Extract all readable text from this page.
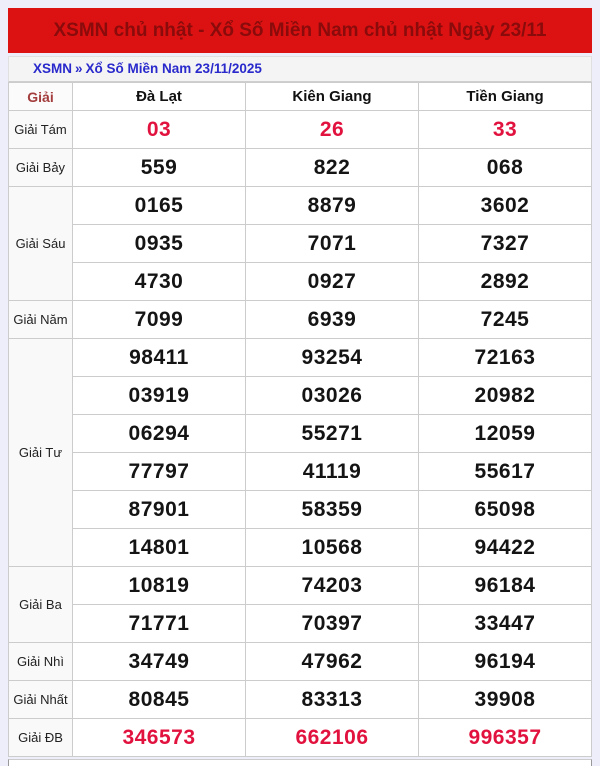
XSMN chủ nhật - Xổ Số Miền Nam chủ nhật Ngày 23/11
XSMN » Xổ Số Miền Nam 23/11/2025
Giải	Đà Lạt	Kiên Giang	Tiền Giang
Giải Tám	03	26	33
Giải Bảy	559	822	068
Giải Sáu	0165	8879	3602
	0935	7071	7327
	4730	0927	2892
Giải Năm	7099	6939	7245
Giải Tư	98411	93254	72163
	03919	03026	20982
	06294	55271	12059
	77797	41119	55617
	87901	58359	65098
	14801	10568	94422
Giải Ba	10819	74203	96184
	71771	70397	33447
Giải Nhì	34749	47962	96194
Giải Nhất	80845	83313	39908
Giải ĐB	346573	662106	996357
